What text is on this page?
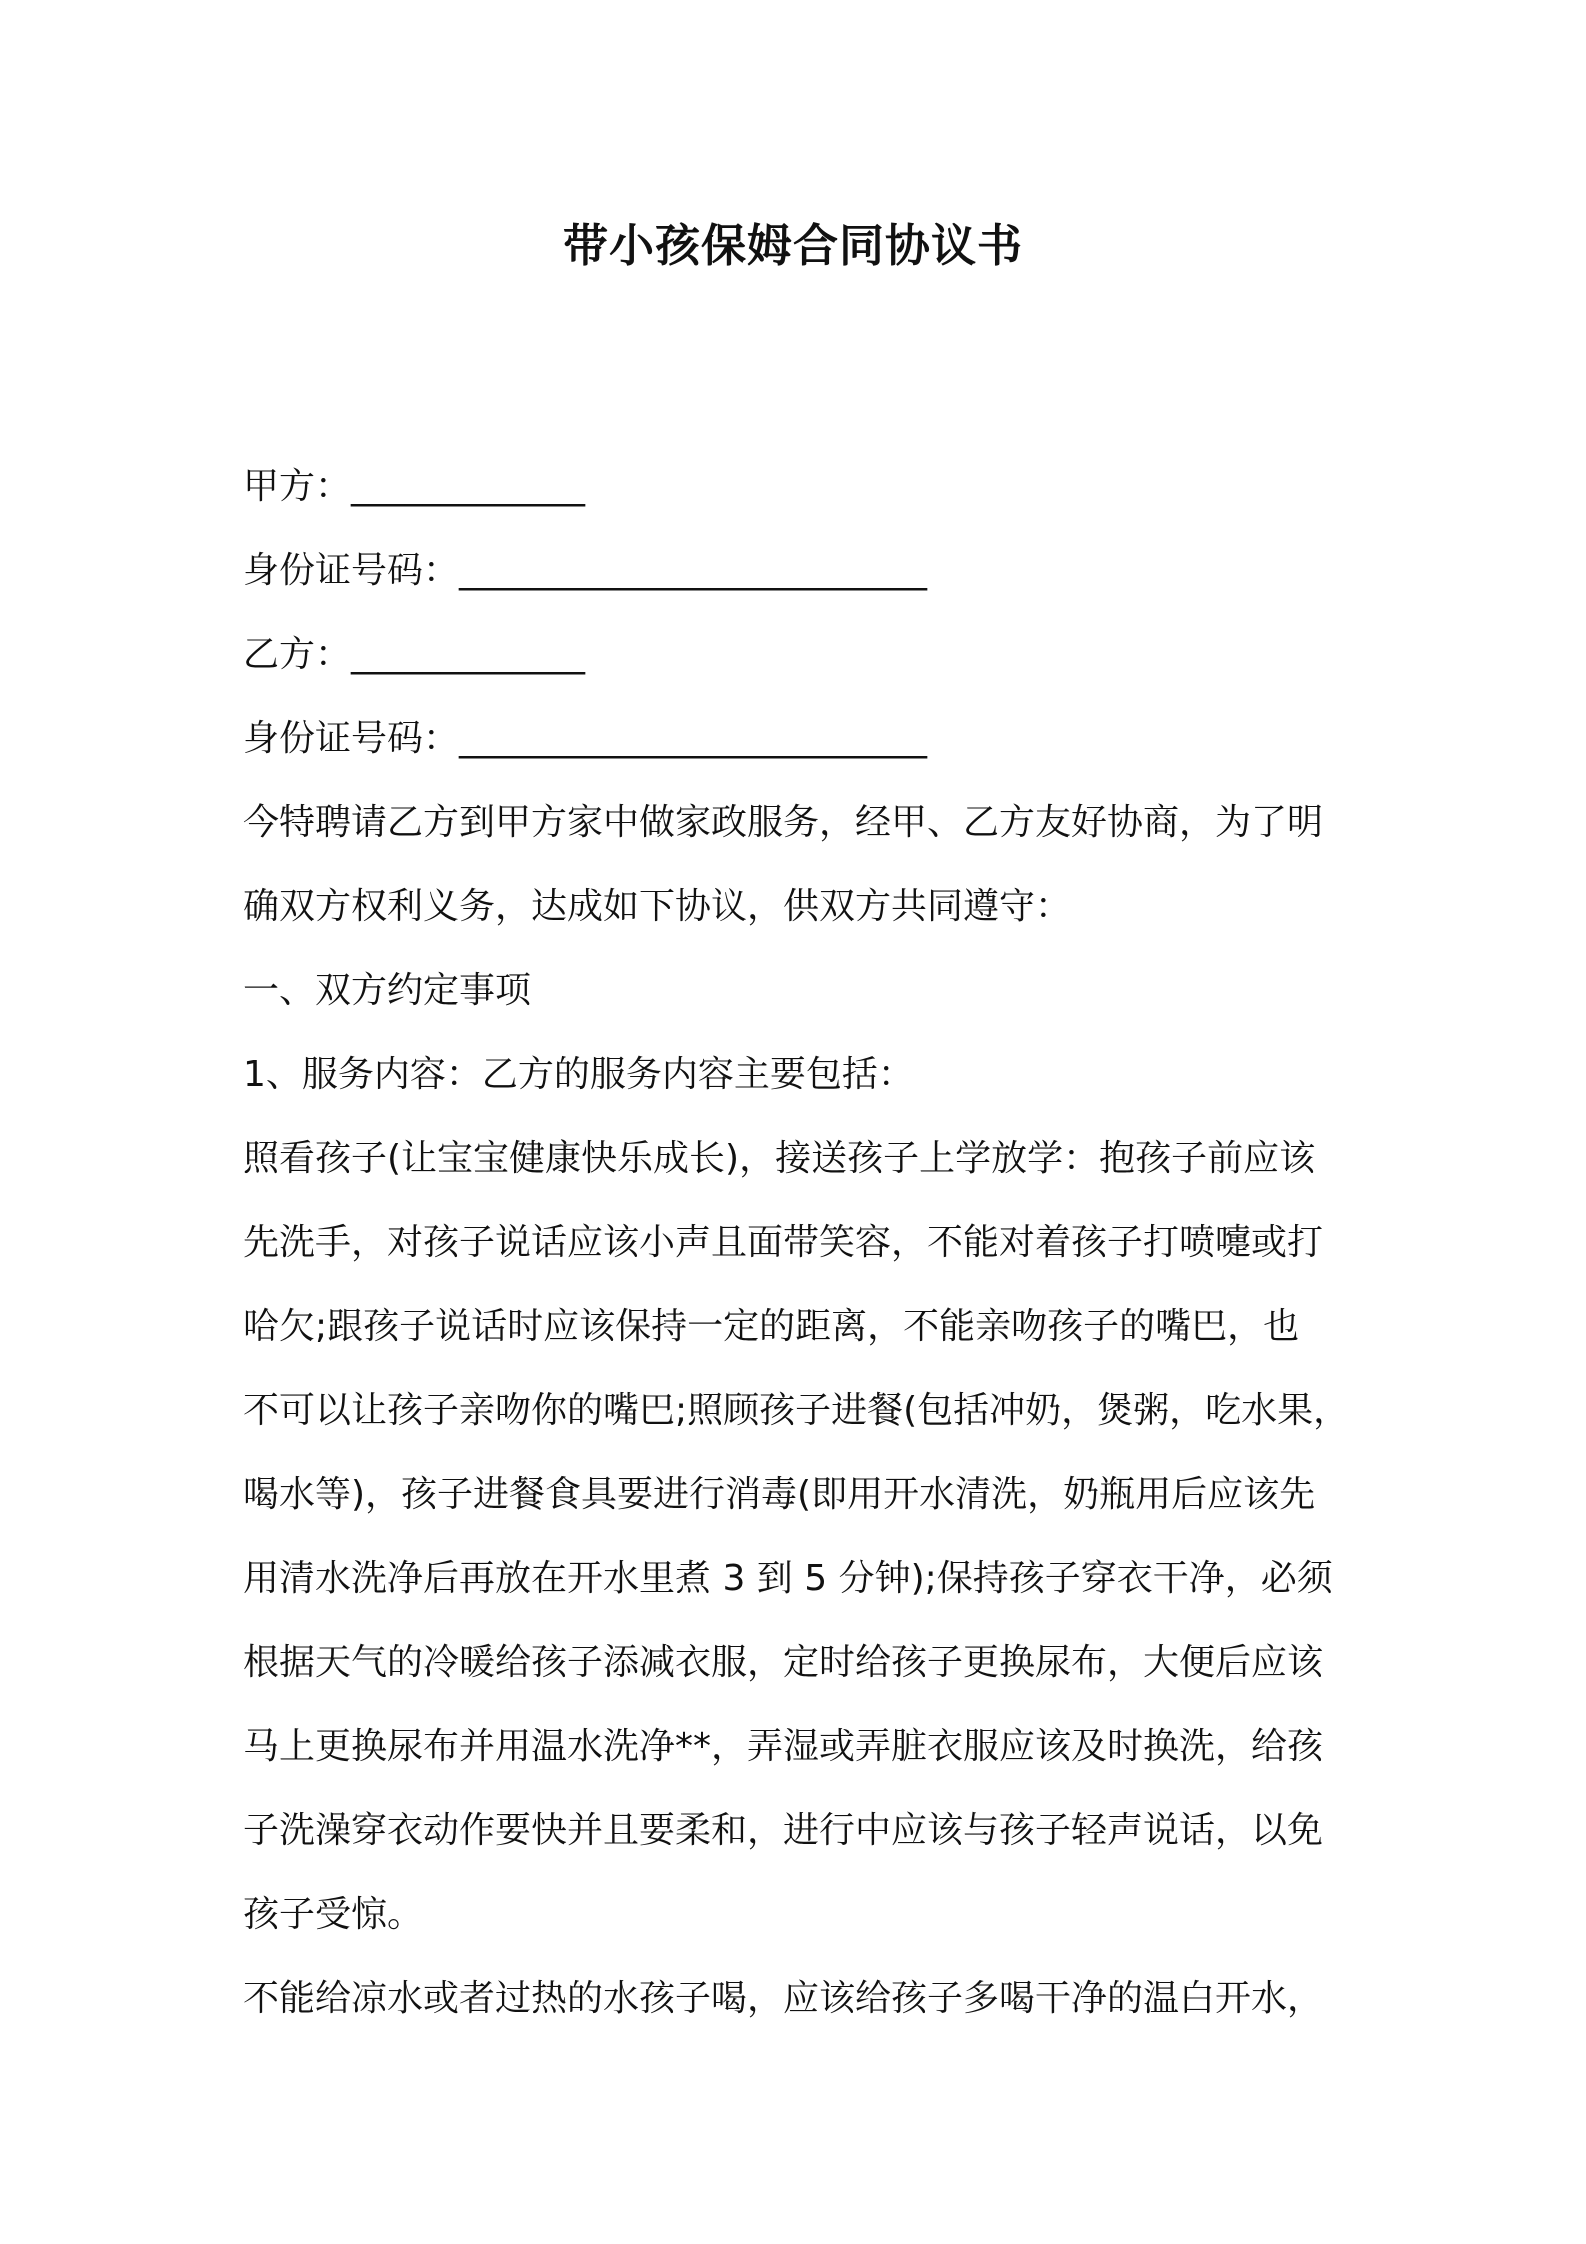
带小孩保姆合同协议书

甲方：_____________

身份证号码：__________________________

乙方：_____________

身份证号码：__________________________

今特聘请乙方到甲方家中做家政服务，经甲、乙方友好协商，为了明

确双方权利义务，达成如下协议，供双方共同遵守：

一、双方约定事项

1、服务内容：乙方的服务内容主要包括：

照看孩子(让宝宝健康快乐成长)，接送孩子上学放学：抱孩子前应该

先洗手，对孩子说话应该小声且面带笑容，不能对着孩子打喷嚏或打

哈欠;跟孩子说话时应该保持一定的距离，不能亲吻孩子的嘴巴，也

不可以让孩子亲吻你的嘴巴;照顾孩子进餐(包括冲奶，煲粥，吃水果，

喝水等)，孩子进餐食具要进行消毒(即用开水清洗，奶瓶用后应该先

用清水洗净后再放在开水里煮 3 到 5 分钟);保持孩子穿衣干净，必须

根据天气的冷暖给孩子添减衣服，定时给孩子更换尿布，大便后应该

马上更换尿布并用温水洗净**，弄湿或弄脏衣服应该及时换洗，给孩

子洗澡穿衣动作要快并且要柔和，进行中应该与孩子轻声说话，以免

孩子受惊。

不能给凉水或者过热的水孩子喝，应该给孩子多喝干净的温白开水，
